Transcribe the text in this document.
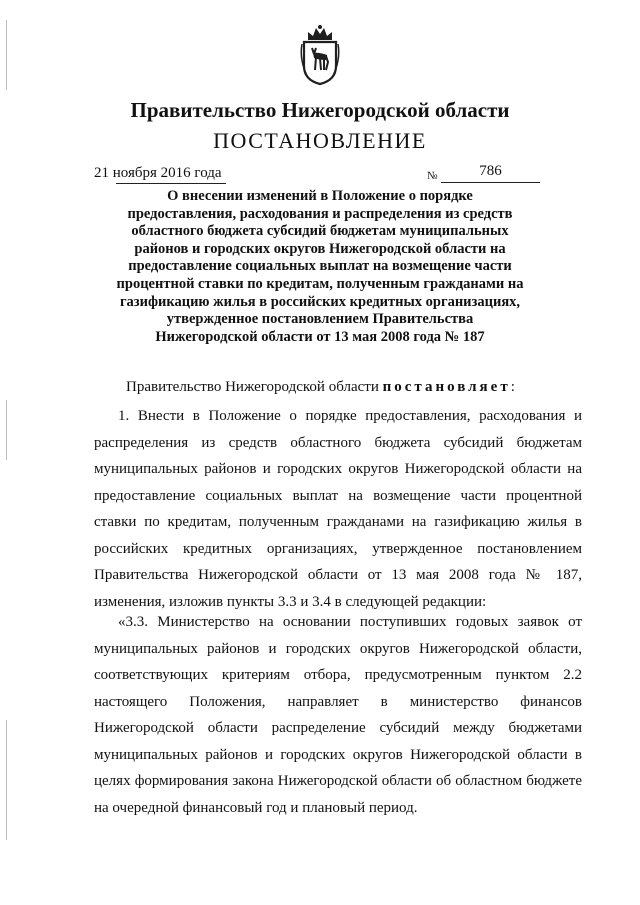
Правительство Нижегородской области
ПОСТАНОВЛЕНИЕ
21 ноября 2016 года	№	786
О внесении изменений в Положение о порядке
предоставления, расходования и распределения из средств
областного бюджета субсидий бюджетам муниципальных
районов и городских округов Нижегородской области на
предоставление социальных выплат на возмещение части
процентной ставки по кредитам, полученным гражданами на
газификацию жилья в российских кредитных организациях,
утвержденное постановлением Правительства
Нижегородской области от 13 мая 2008 года № 187
Правительство Нижегородской области постановляет:
1. Внести в Положение о порядке предоставления, расходования и распределения из средств областного бюджета субсидий бюджетам муниципальных районов и городских округов Нижегородской области на предоставление социальных выплат на возмещение части процентной ставки по кредитам, полученным гражданами на газификацию жилья в российских кредитных организациях, утвержденное постановлением Правительства Нижегородской области от 13 мая 2008 года № 187, изменения, изложив пункты 3.3 и 3.4 в следующей редакции:
«3.3. Министерство на основании поступивших годовых заявок от муниципальных районов и городских округов Нижегородской области, соответствующих критериям отбора, предусмотренным пунктом 2.2 настоящего Положения, направляет в министерство финансов Нижегородской области распределение субсидий между бюджетами муниципальных районов и городских округов Нижегородской области в целях формирования закона Нижегородской области об областном бюджете на очередной финансовый год и плановый период.
